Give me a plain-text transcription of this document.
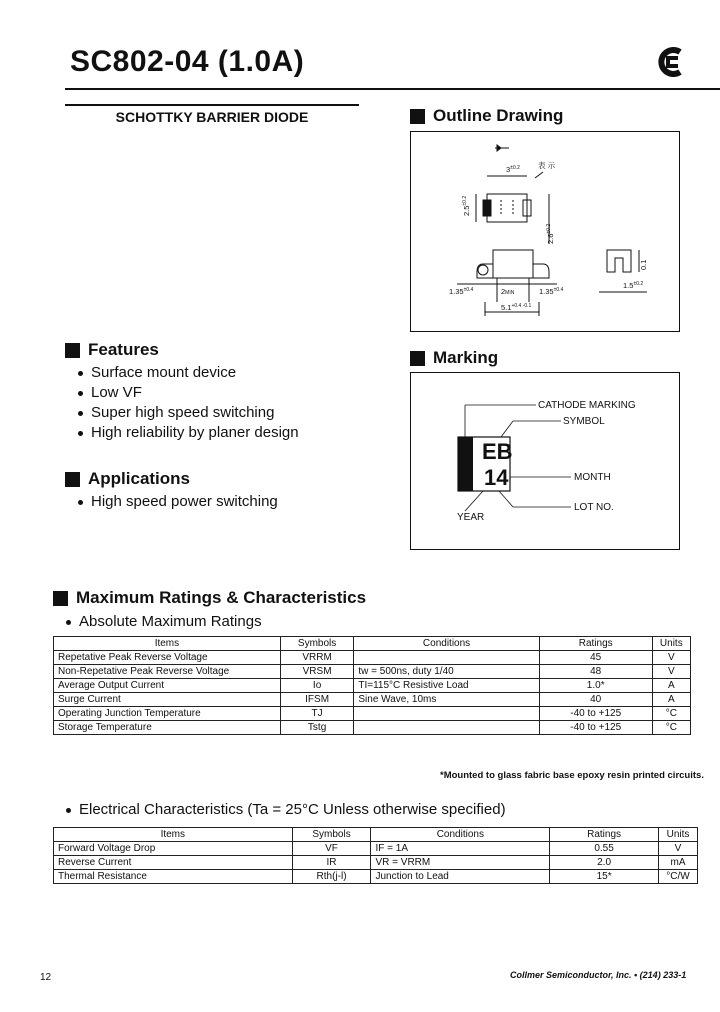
SC802-04 (1.0A)
SCHOTTKY BARRIER DIODE	Outline Drawing
$3^{\pm 0.2}$ 表 示
$2.5^{\pm 0.2}$
$2.6^{\pm 0.2}$
$1.35^{\pm 0.4}$	2MIN	$1.35^{\pm 0.4}$
$5.1^{+0.4 -0.1}$
0.1
$1.5^{\pm 0.2}$
Marking
EB
14
CATHODE MARKING
SYMBOL
MONTH
LOT NO.
YEAR
Features
Surface mount device
Low VF
Super high speed switching
High reliability by planer design
Applications
High speed power switching
Maximum Ratings & Characteristics
Absolute Maximum Ratings
Items	Symbols	Conditions	Ratings	Units
Repetative Peak Reverse Voltage	VRRM		45	V
Non-Repetative Peak Reverse Voltage	VRSM	tw = 500ns, duty 1/40	48	V
Average Output Current	Io	TI=115°C Resistive Load	1.0*	A
Surge Current	IFSM	Sine Wave, 10ms	40	A
Operating Junction Temperature	TJ		-40 to +125	°C
Storage Temperature	Tstg		-40 to +125	°C
*Mounted to glass fabric base epoxy resin printed circuits.
Electrical Characteristics (Ta = 25°C Unless otherwise specified)
Items	Symbols	Conditions	Ratings	Units
Forward Voltage Drop	VF	IF = 1A	0.55	V
Reverse Current	IR	VR = VRRM	2.0	mA
Thermal Resistance	Rth(j-l)	Junction to Lead	15*	°C/W
12	Collmer Semiconductor, Inc. • (214) 233-1
